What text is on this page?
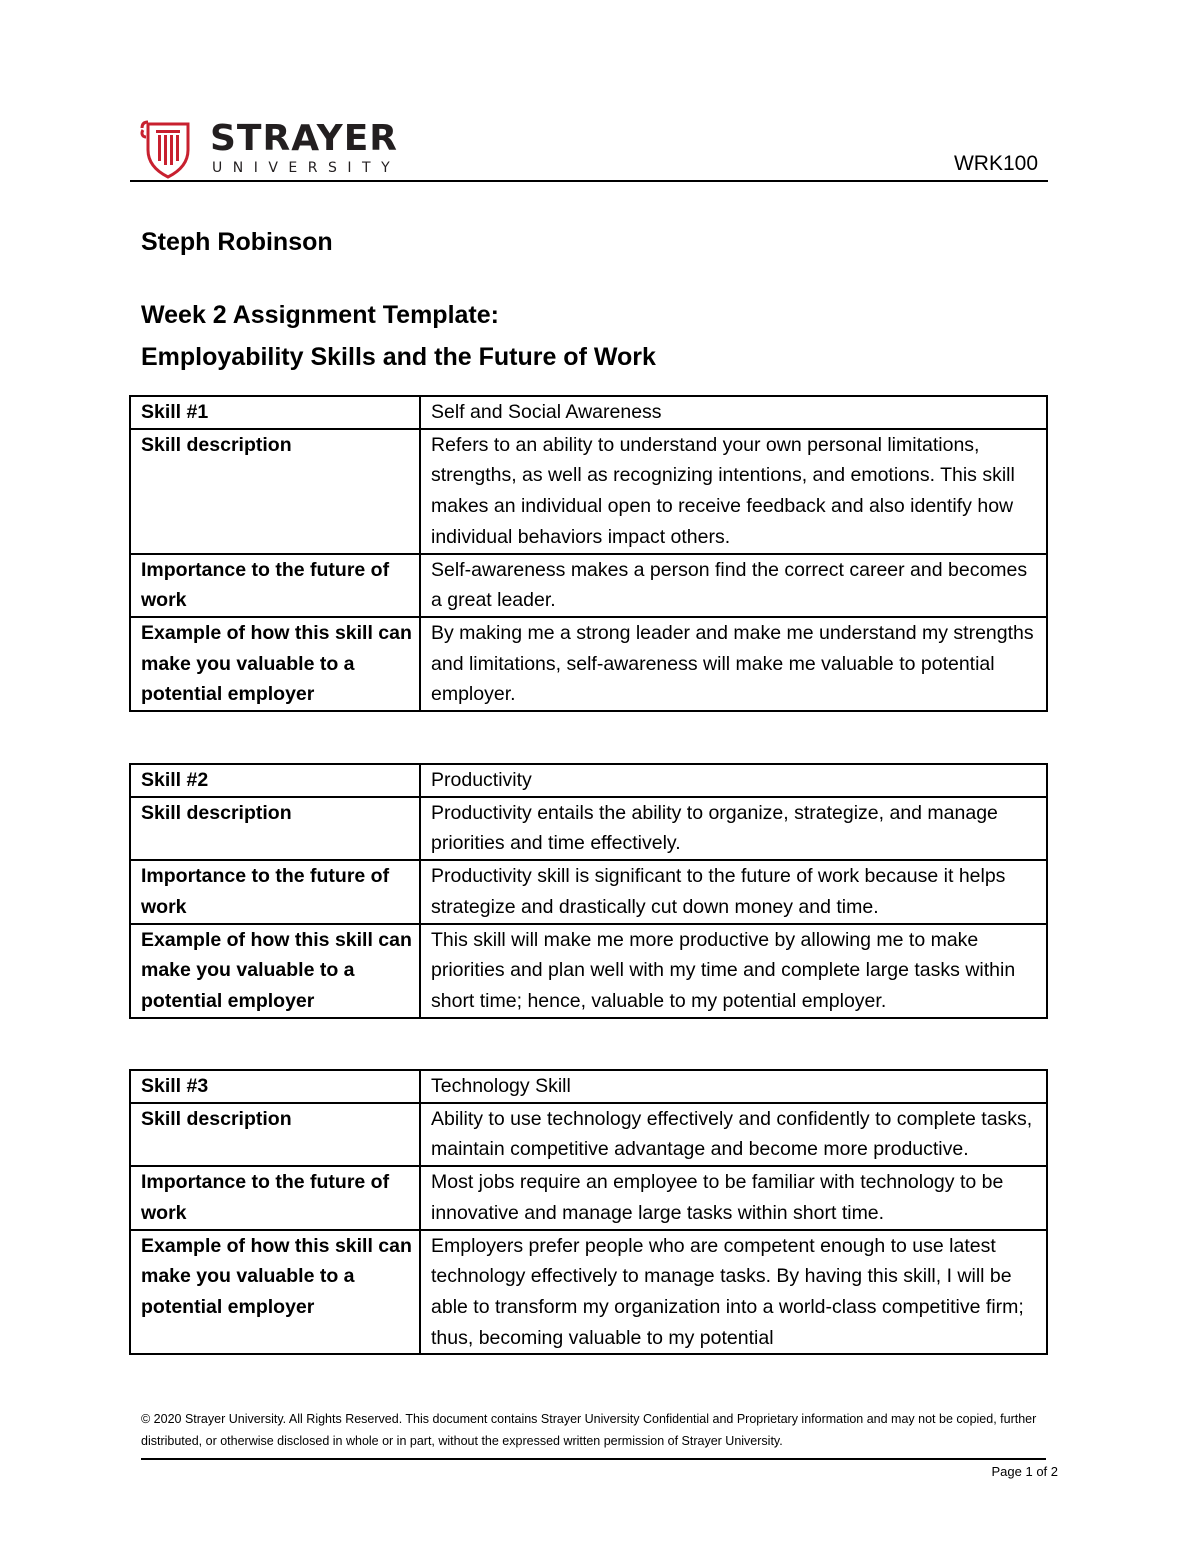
STRAYER
UNIVERSITY	WRK100
Steph Robinson
Week 2 Assignment Template:
Employability Skills and the Future of Work
Skill #1	Self and Social Awareness
Skill description	Refers to an ability to understand your own personal limitations, strengths, as well as recognizing intentions, and emotions. This skill makes an individual open to receive feedback and also identify how individual behaviors impact others.
Importance to the future of work	Self-awareness makes a person find the correct career and becomes a great leader.
Example of how this skill can make you valuable to a potential employer	By making me a strong leader and make me understand my strengths and limitations, self-awareness will make me valuable to potential employer.
Skill #2	Productivity
Skill description	Productivity entails the ability to organize, strategize, and manage priorities and time effectively.
Importance to the future of work	Productivity skill is significant to the future of work because it helps strategize and drastically cut down money and time.
Example of how this skill can make you valuable to a potential employer	This skill will make me more productive by allowing me to make priorities and plan well with my time and complete large tasks within short time; hence, valuable to my potential employer.
Skill #3	Technology Skill
Skill description	Ability to use technology effectively and confidently to complete tasks, maintain competitive advantage and become more productive.
Importance to the future of work	Most jobs require an employee to be familiar with technology to be innovative and manage large tasks within short time.
Example of how this skill can make you valuable to a potential employer	Employers prefer people who are competent enough to use latest technology effectively to manage tasks. By having this skill, I will be able to transform my organization into a world-class competitive firm; thus, becoming valuable to my potential
© 2020 Strayer University. All Rights Reserved. This document contains Strayer University Confidential and Proprietary information and may not be copied, further distributed, or otherwise disclosed in whole or in part, without the expressed written permission of Strayer University.
Page 1 of 2
